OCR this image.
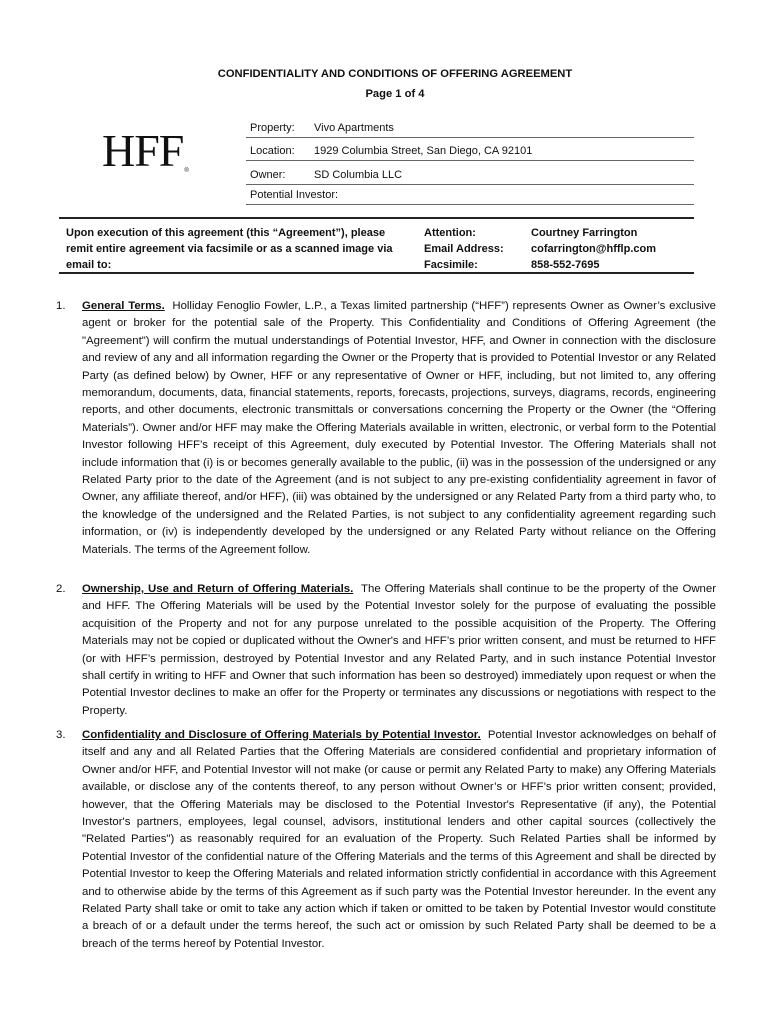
CONFIDENTIALITY AND CONDITIONS OF OFFERING AGREEMENT
Page 1 of 4
HFF®
Property: Vivo Apartments
Location: 1929 Columbia Street, San Diego, CA 92101
Owner:	SD Columbia LLC
Potential Investor:
Upon execution of this agreement (this “Agreement”), please remit entire agreement via facsimile or as a scanned image via email to:
Attention:	Courtney Farrington
Email Address: cofarrington@hfflp.com
Facsimile:	858-552-7695
1. General Terms. Holliday Fenoglio Fowler, L.P., a Texas limited partnership (“HFF”) represents Owner as Owner’s exclusive agent or broker for the potential sale of the Property. This Confidentiality and Conditions of Offering Agreement (the "Agreement") will confirm the mutual understandings of Potential Investor, HFF, and Owner in connection with the disclosure and review of any and all information regarding the Owner or the Property that is provided to Potential Investor or any Related Party (as defined below) by Owner, HFF or any representative of Owner or HFF, including, but not limited to, any offering memorandum, documents, data, financial statements, reports, forecasts, projections, surveys, diagrams, records, engineering reports, and other documents, electronic transmittals or conversations concerning the Property or the Owner (the “Offering Materials”). Owner and/or HFF may make the Offering Materials available in written, electronic, or verbal form to the Potential Investor following HFF’s receipt of this Agreement, duly executed by Potential Investor. The Offering Materials shall not include information that (i) is or becomes generally available to the public, (ii) was in the possession of the undersigned or any Related Party prior to the date of the Agreement (and is not subject to any pre-existing confidentiality agreement in favor of Owner, any affiliate thereof, and/or HFF), (iii) was obtained by the undersigned or any Related Party from a third party who, to the knowledge of the undersigned and the Related Parties, is not subject to any confidentiality agreement regarding such information, or (iv) is independently developed by the undersigned or any Related Party without reliance on the Offering Materials. The terms of the Agreement follow.
2. Ownership, Use and Return of Offering Materials. The Offering Materials shall continue to be the property of the Owner and HFF. The Offering Materials will be used by the Potential Investor solely for the purpose of evaluating the possible acquisition of the Property and not for any purpose unrelated to the possible acquisition of the Property. The Offering Materials may not be copied or duplicated without the Owner's and HFF’s prior written consent, and must be returned to HFF (or with HFF’s permission, destroyed by Potential Investor and any Related Party, and in such instance Potential Investor shall certify in writing to HFF and Owner that such information has been so destroyed) immediately upon request or when the Potential Investor declines to make an offer for the Property or terminates any discussions or negotiations with respect to the Property.
3. Confidentiality and Disclosure of Offering Materials by Potential Investor. Potential Investor acknowledges on behalf of itself and any and all Related Parties that the Offering Materials are considered confidential and proprietary information of Owner and/or HFF, and Potential Investor will not make (or cause or permit any Related Party to make) any Offering Materials available, or disclose any of the contents thereof, to any person without Owner’s or HFF’s prior written consent; provided, however, that the Offering Materials may be disclosed to the Potential Investor's Representative (if any), the Potential Investor's partners, employees, legal counsel, advisors, institutional lenders and other capital sources (collectively the "Related Parties") as reasonably required for an evaluation of the Property. Such Related Parties shall be informed by Potential Investor of the confidential nature of the Offering Materials and the terms of this Agreement and shall be directed by Potential Investor to keep the Offering Materials and related information strictly confidential in accordance with this Agreement and to otherwise abide by the terms of this Agreement as if such party was the Potential Investor hereunder. In the event any Related Party shall take or omit to take any action which if taken or omitted to be taken by Potential Investor would constitute a breach of or a default under the terms hereof, the such act or omission by such Related Party shall be deemed to be a breach of the terms hereof by Potential Investor.
